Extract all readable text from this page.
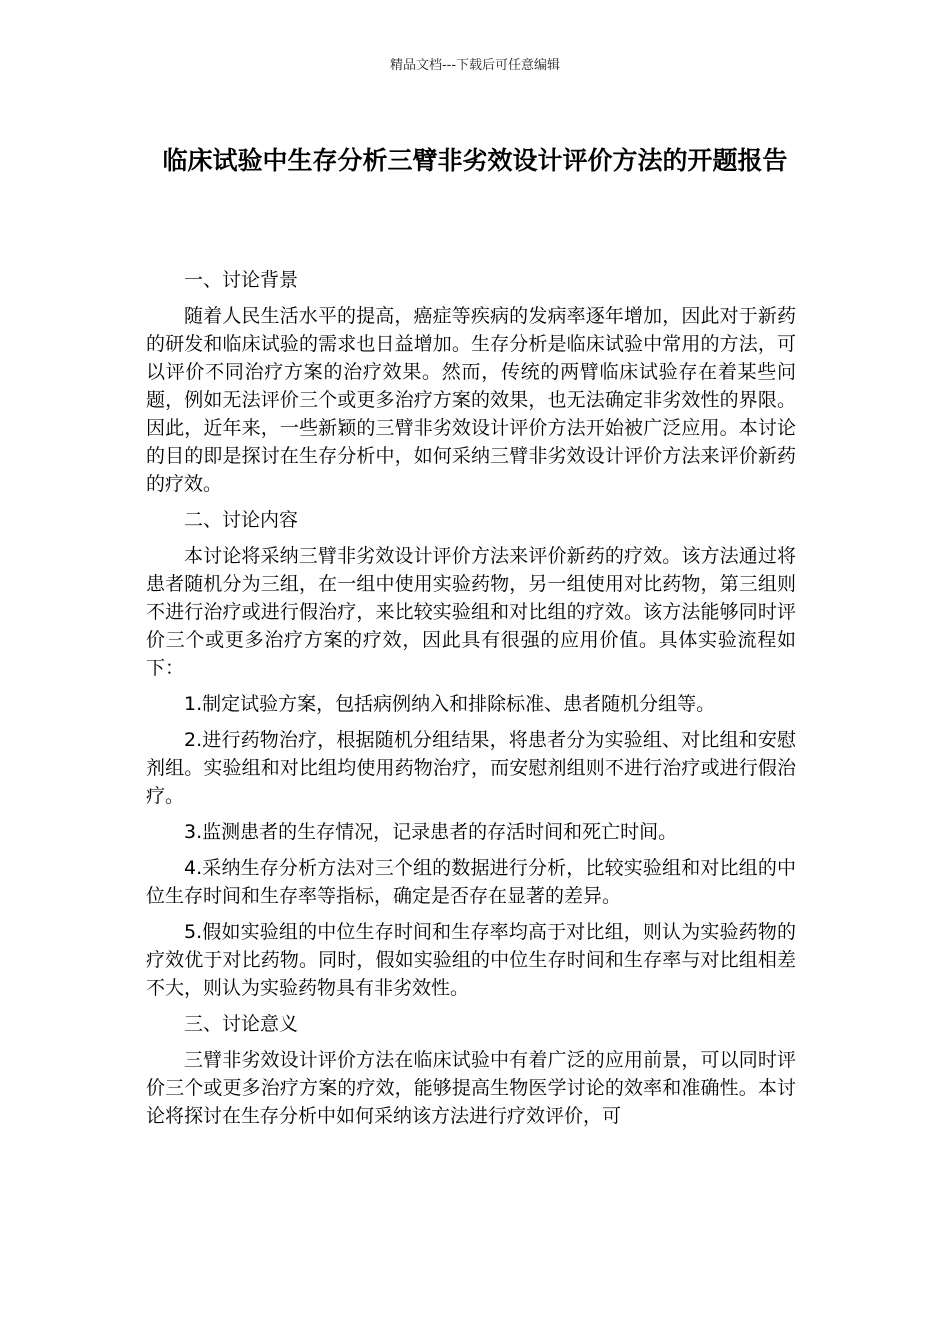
精品文档---下载后可任意编辑
临床试验中生存分析三臂非劣效设计评价方法的开题报告

一、讨论背景

随着人民生活水平的提高，癌症等疾病的发病率逐年增加，因此对于新药的研发和临床试验的需求也日益增加。生存分析是临床试验中常用的方法，可以评价不同治疗方案的治疗效果。然而，传统的两臂临床试验存在着某些问题，例如无法评价三个或更多治疗方案的效果，也无法确定非劣效性的界限。因此，近年来，一些新颖的三臂非劣效设计评价方法开始被广泛应用。本讨论的目的即是探讨在生存分析中，如何采纳三臂非劣效设计评价方法来评价新药的疗效。

二、讨论内容

本讨论将采纳三臂非劣效设计评价方法来评价新药的疗效。该方法通过将患者随机分为三组，在一组中使用实验药物，另一组使用对比药物，第三组则不进行治疗或进行假治疗，来比较实验组和对比组的疗效。该方法能够同时评价三个或更多治疗方案的疗效，因此具有很强的应用价值。具体实验流程如下：

1.制定试验方案，包括病例纳入和排除标准、患者随机分组等。

2.进行药物治疗，根据随机分组结果，将患者分为实验组、对比组和安慰剂组。实验组和对比组均使用药物治疗，而安慰剂组则不进行治疗或进行假治疗。

3.监测患者的生存情况，记录患者的存活时间和死亡时间。

4.采纳生存分析方法对三个组的数据进行分析，比较实验组和对比组的中位生存时间和生存率等指标，确定是否存在显著的差异。

5.假如实验组的中位生存时间和生存率均高于对比组，则认为实验药物的疗效优于对比药物。同时，假如实验组的中位生存时间和生存率与对比组相差不大，则认为实验药物具有非劣效性。

三、讨论意义

三臂非劣效设计评价方法在临床试验中有着广泛的应用前景，可以同时评价三个或更多治疗方案的疗效，能够提高生物医学讨论的效率和准确性。本讨论将探讨在生存分析中如何采纳该方法进行疗效评价，可
